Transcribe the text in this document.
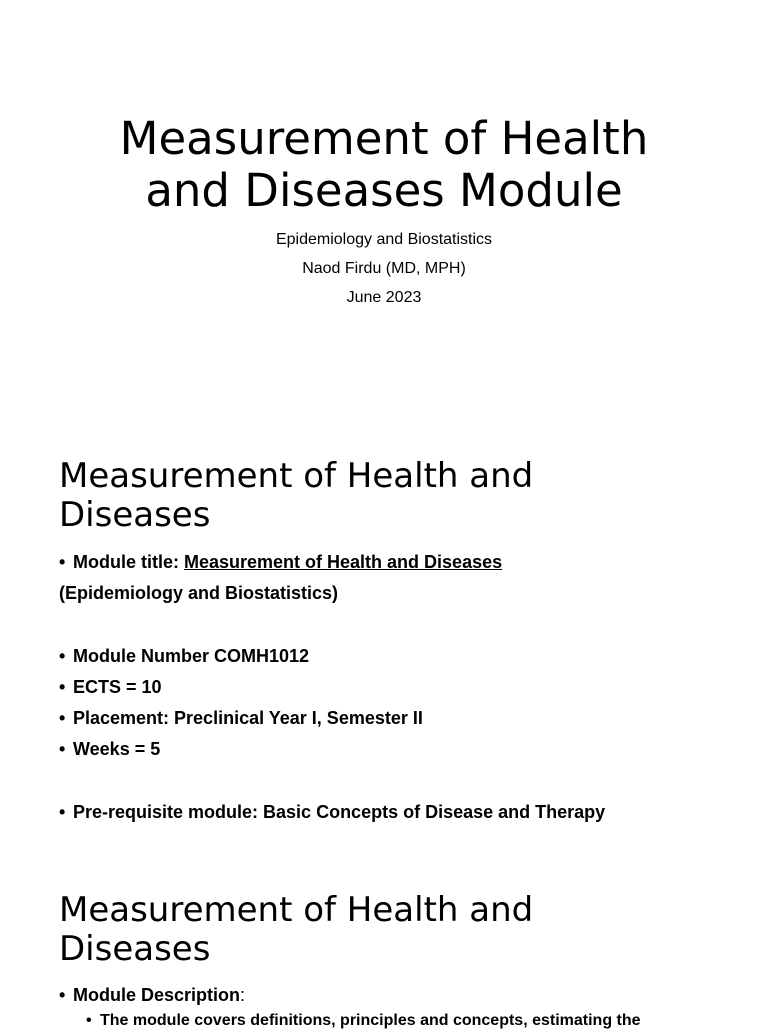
Measurement of Health
and Diseases Module
Epidemiology and Biostatistics
Naod Firdu (MD, MPH)
June 2023
Measurement of Health and
Diseases
• Module title: Measurement of Health and Diseases
(Epidemiology and Biostatistics)
• Module Number COMH1012
• ECTS = 10
• Placement: Preclinical Year I, Semester II
• Weeks = 5
• Pre-requisite module: Basic Concepts of Disease and Therapy
Measurement of Health and
Diseases
• Module Description:
• The module covers definitions, principles and concepts, estimating the
